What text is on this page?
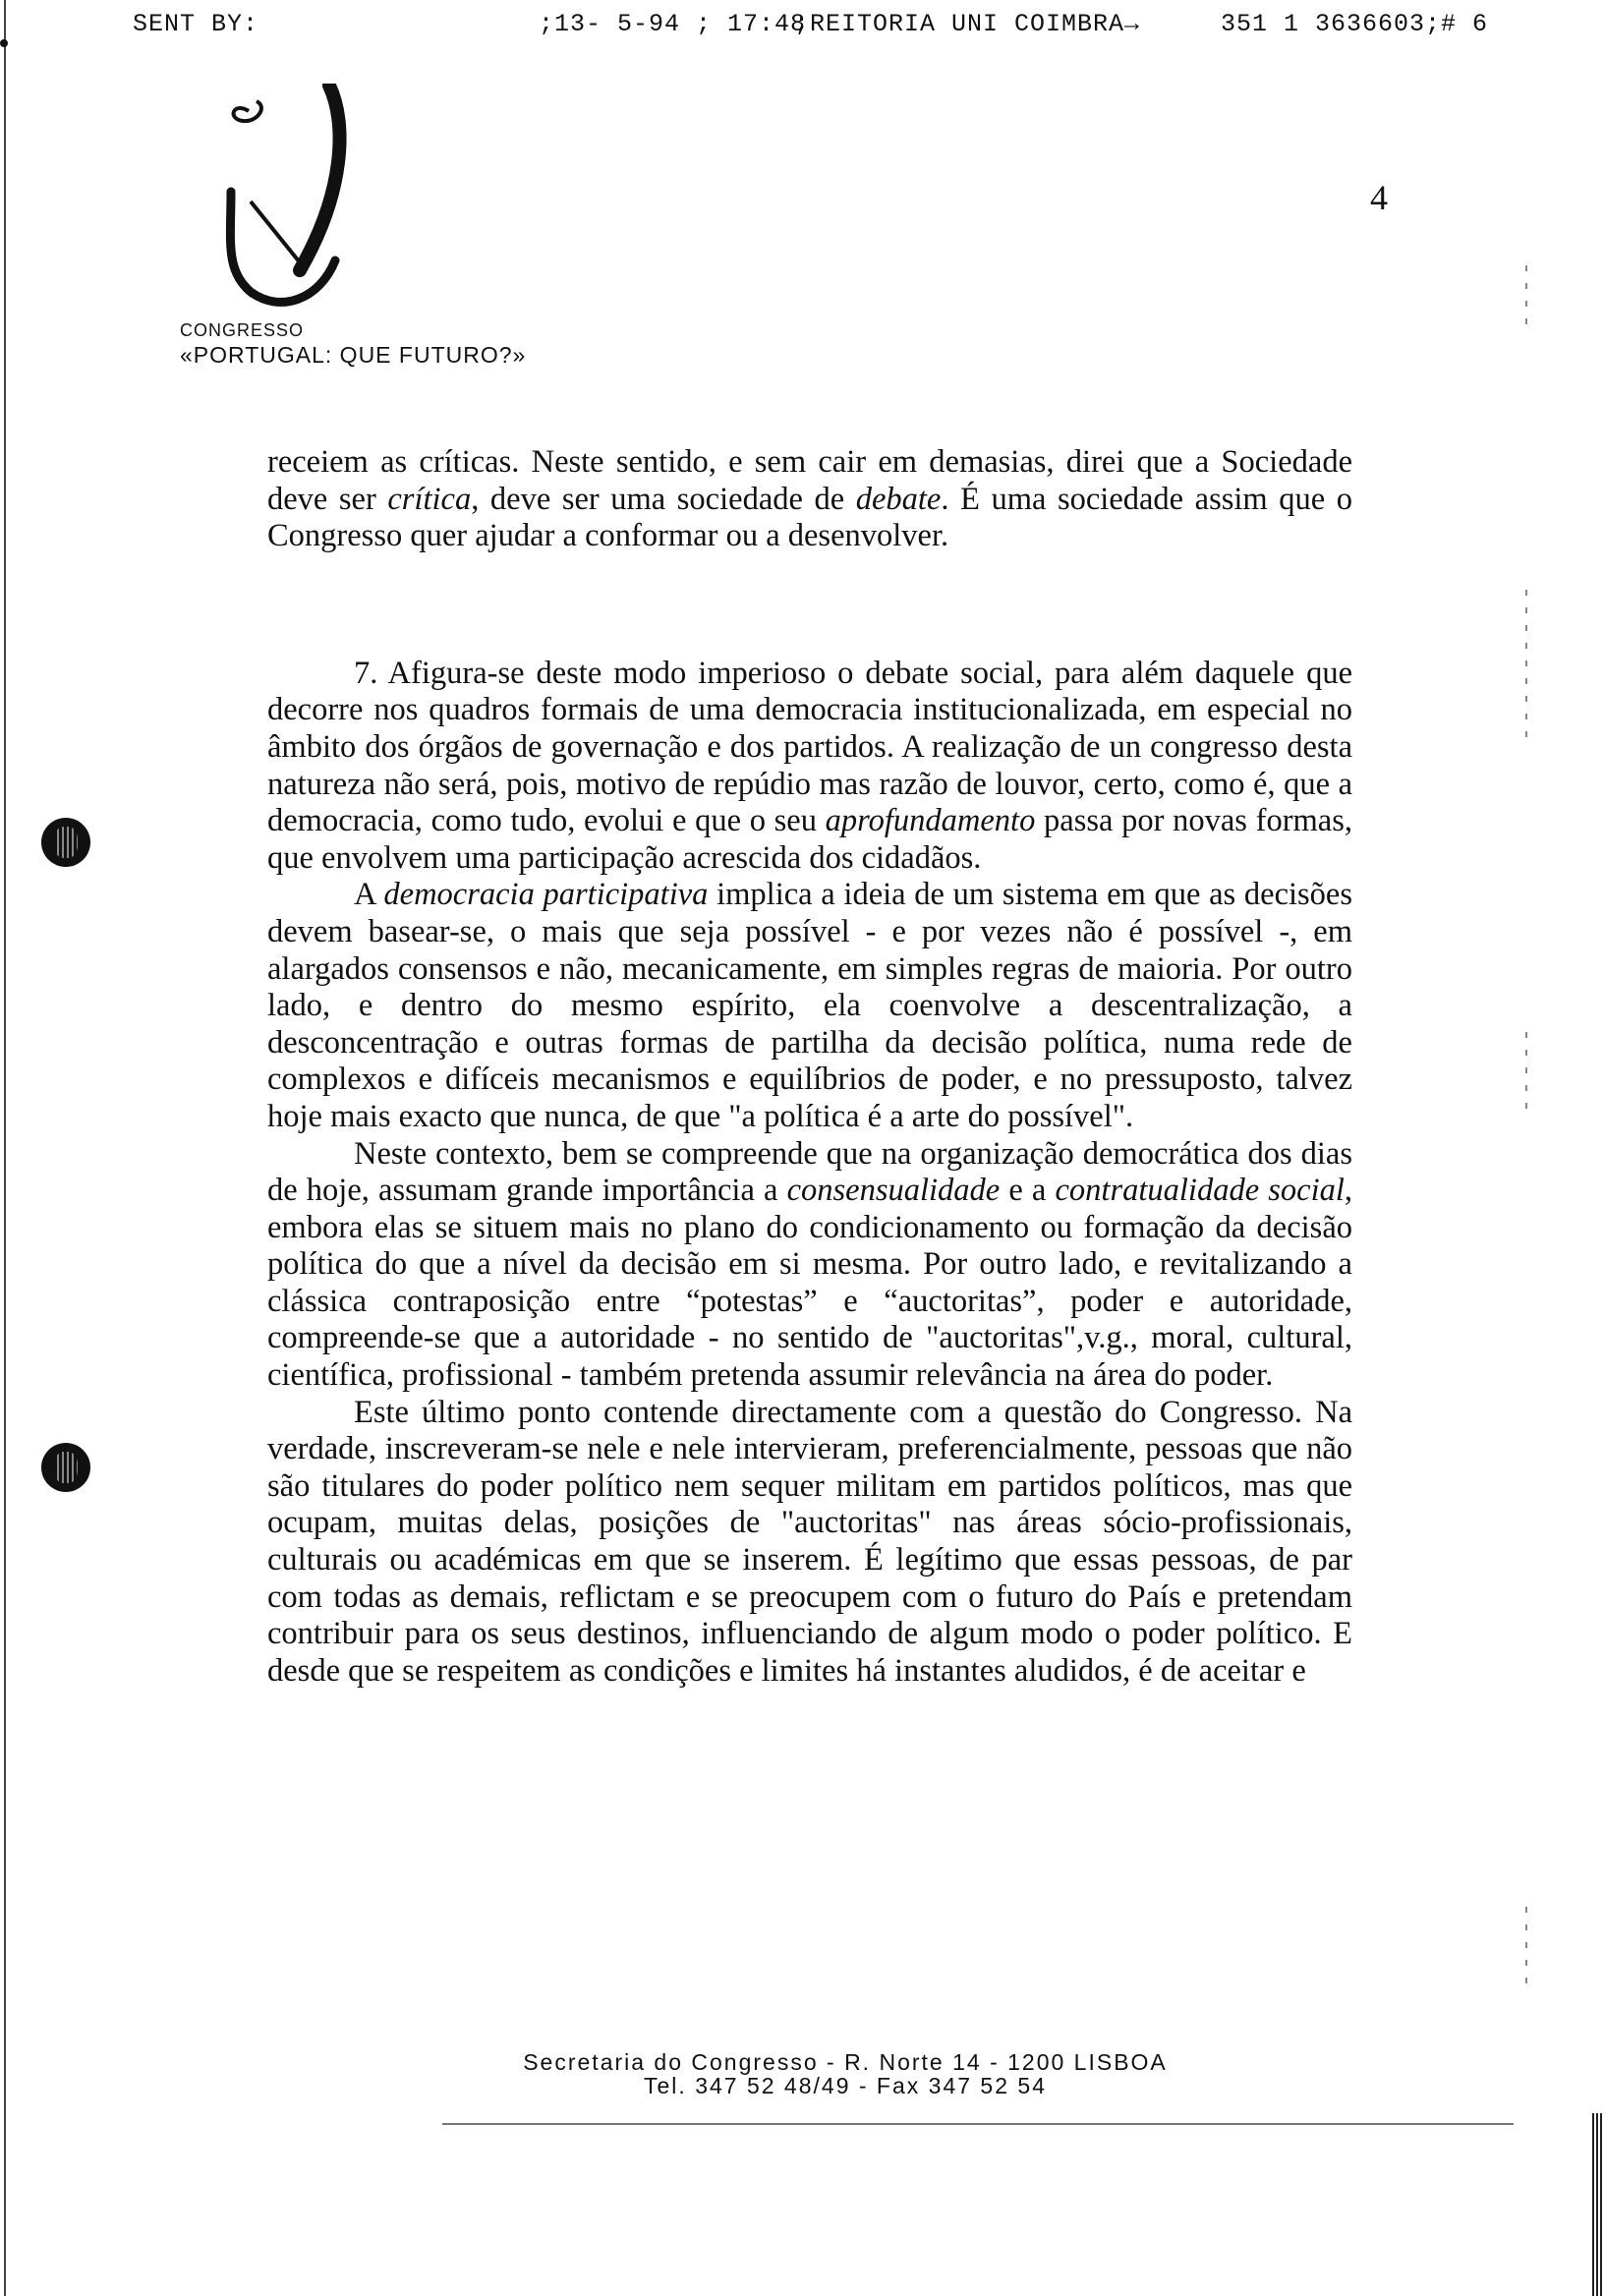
SENT BY:	;13- 5-94 ; 17:48
;REITORIA UNI COIMBRA→	351 1 3636603;# 6
CONGRESSO
«PORTUGAL: QUE FUTURO?»
4

receiem as críticas. Neste sentido, e sem cair em demasias, direi que a Sociedade deve ser crítica, deve ser uma sociedade de debate. É uma sociedade assim que o Congresso quer ajudar a conformar ou a desenvolver.

7. Afigura-se deste modo imperioso o debate social, para além daquele que decorre nos quadros formais de uma democracia institucionalizada, em especial no âmbito dos órgãos de governação e dos partidos. A realização de un congresso desta natureza não será, pois, motivo de repúdio mas razão de louvor, certo, como é, que a democracia, como tudo, evolui e que o seu aprofundamento passa por novas formas, que envolvem uma participação acrescida dos cidadãos.

A democracia participativa implica a ideia de um sistema em que as decisões devem basear-se, o mais que seja possível - e por vezes não é possível -, em alargados consensos e não, mecanicamente, em simples regras de maioria. Por outro lado, e dentro do mesmo espírito, ela coenvolve a descentralização, a desconcentração e outras formas de partilha da decisão política, numa rede de complexos e difíceis mecanismos e equilíbrios de poder, e no pressuposto, talvez hoje mais exacto que nunca, de que "a política é a arte do possível".

Neste contexto, bem se compreende que na organização democrática dos dias de hoje, assumam grande importância a consensualidade e a contratualidade social, embora elas se situem mais no plano do condicionamento ou formação da decisão política do que a nível da decisão em si mesma. Por outro lado, e revitalizando a clássica contraposição entre “potestas” e “auctoritas”, poder e autoridade, compreende-se que a autoridade - no sentido de "auctoritas",v.g., moral, cultural, científica, profissional - também pretenda assumir relevância na área do poder.

Este último ponto contende directamente com a questão do Congresso. Na verdade, inscreveram-se nele e nele intervieram, preferencialmente, pessoas que não são titulares do poder político nem sequer militam em partidos políticos, mas que ocupam, muitas delas, posições de "auctoritas" nas áreas sócio-profissionais, culturais ou académicas em que se inserem. É legítimo que essas pessoas, de par com todas as demais, reflictam e se preocupem com o futuro do País e pretendam contribuir para os seus destinos, influenciando de algum modo o poder político. E desde que se respeitem as condições e limites há instantes aludidos, é de aceitar e

Secretaria do Congresso - R. Norte 14 - 1200 LISBOA
Tel. 347 52 48/49 - Fax 347 52 54
